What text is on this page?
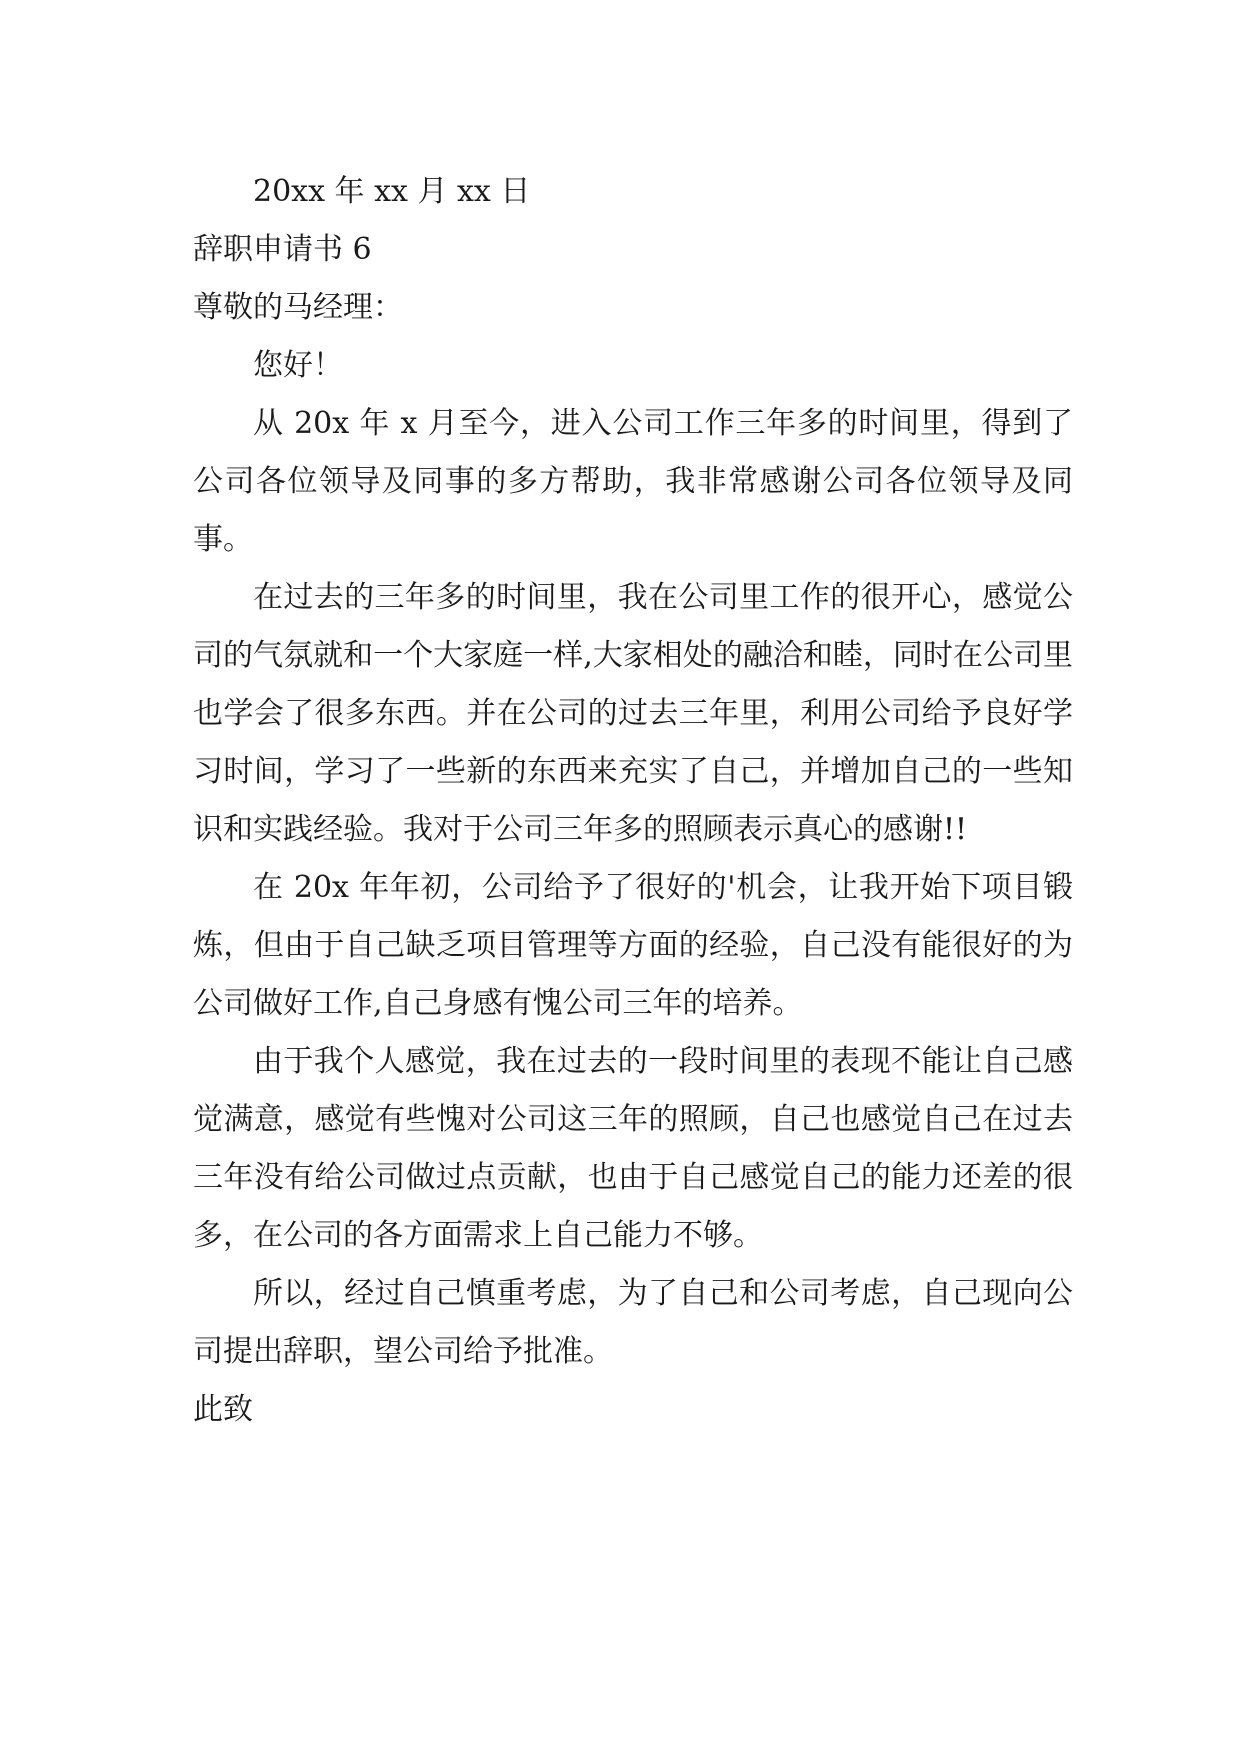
20xx 年 xx 月 xx 日

辞职申请书 6

尊敬的马经理：

您好！

从 20x 年 x 月至今，进入公司工作三年多的时间里，得到了公司各位领导及同事的多方帮助，我非常感谢公司各位领导及同事。

在过去的三年多的时间里，我在公司里工作的很开心，感觉公司的气氛就和一个大家庭一样,大家相处的融洽和睦，同时在公司里也学会了很多东西。并在公司的过去三年里，利用公司给予良好学习时间，学习了一些新的东西来充实了自己，并增加自己的一些知识和实践经验。我对于公司三年多的照顾表示真心的感谢!!

在 20x 年年初，公司给予了很好的'机会，让我开始下项目锻炼，但由于自己缺乏项目管理等方面的经验，自己没有能很好的为公司做好工作,自己身感有愧公司三年的培养。

由于我个人感觉，我在过去的一段时间里的表现不能让自己感觉满意，感觉有些愧对公司这三年的照顾，自己也感觉自己在过去三年没有给公司做过点贡献，也由于自己感觉自己的能力还差的很多，在公司的各方面需求上自己能力不够。

所以，经过自己慎重考虑，为了自己和公司考虑，自己现向公司提出辞职，望公司给予批准。

此致
